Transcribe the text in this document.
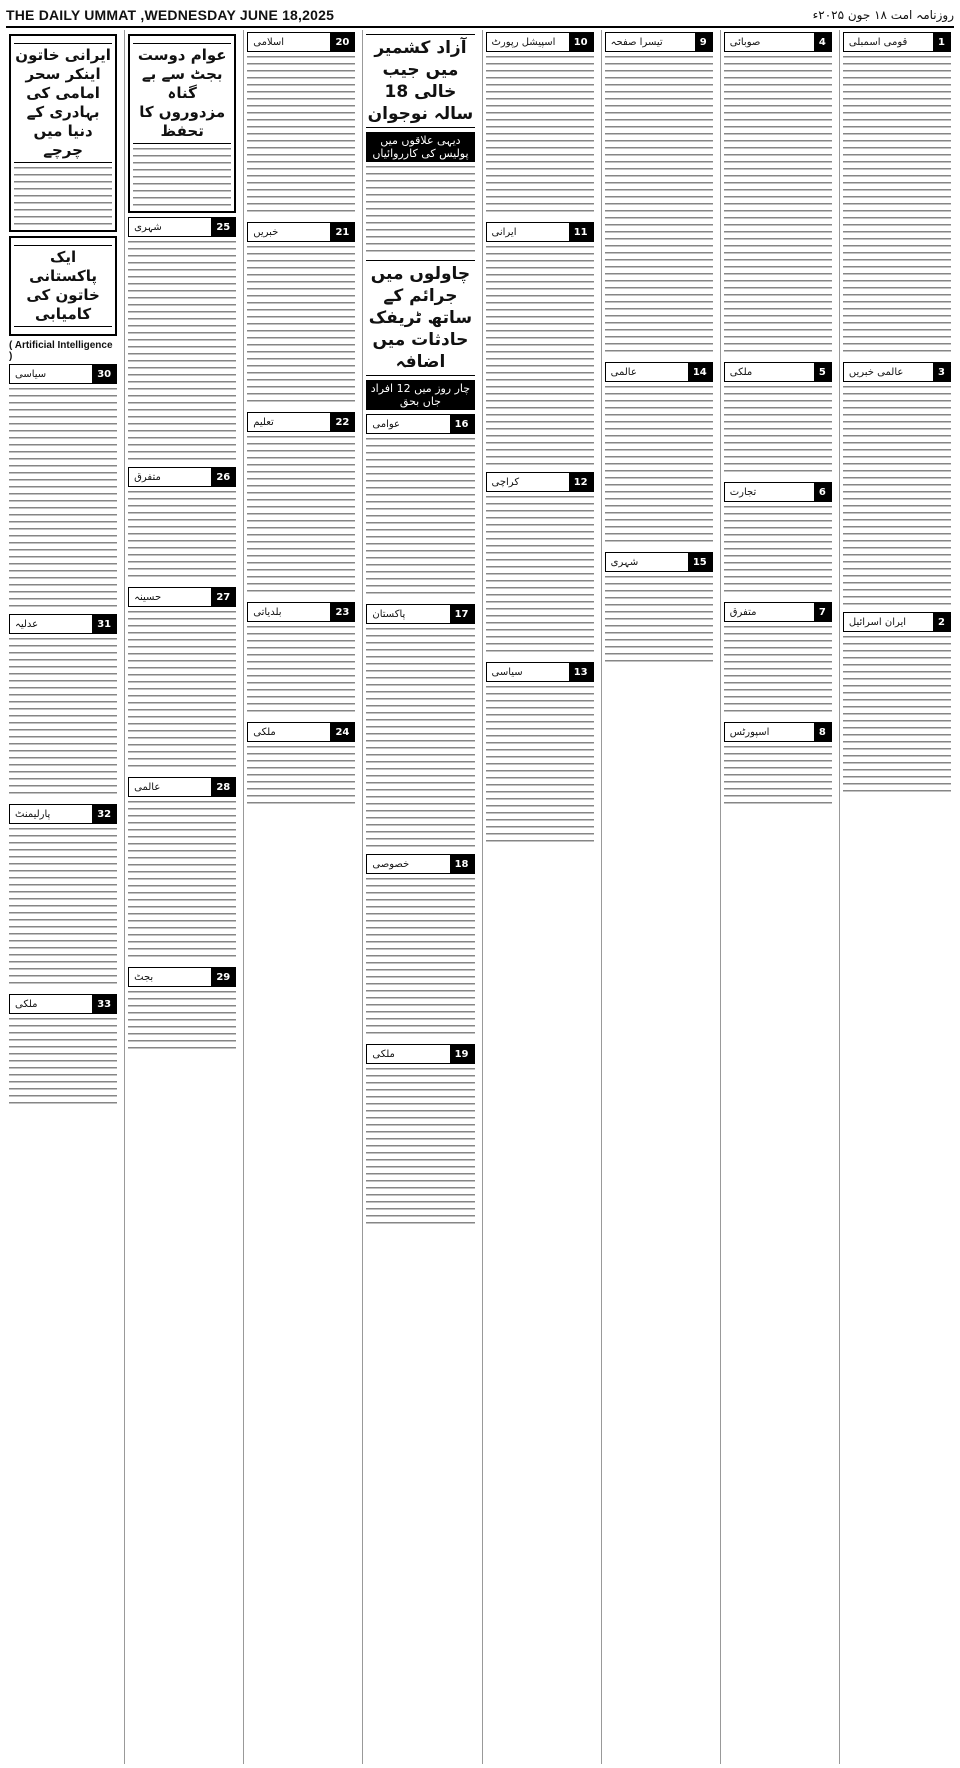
THE DAILY UMMAT ,WEDNESDAY JUNE 18,2025	روزنامہ امت ۱۸ جون ۲۰۲۵ء
1
قومی اسمبلی
3
عالمی خبریں
2
ایران اسرائیل
4
صوبائی
5
ملکی
6
تجارت
7
متفرق
8
اسپورٹس
9
تیسرا صفحہ
14
عالمی
15
شہری
10
اسپیشل رپورٹ
11
ایرانی
12
کراچی
13
سیاسی
آزاد کشمیر میں جیب خالی 18 سالہ نوجوان
دیہی علاقوں میں پولیس کی کارروائیاں
چاولوں میں جرائم کے ساتھ ٹریفک حادثات میں اضافہ
چار روز میں 12 افراد جاں بحق
16
عوامی
17
پاکستان
18
خصوصی
19
ملکی
20
اسلامی
21
خبریں
22
تعلیم
23
بلدیاتی
24
ملکی
عوام دوست بجٹ سے بے گناہ مزدوروں کا تحفظ
25
شہری
26
متفرق
27
حسینہ
28
عالمی
29
بجٹ
ایرانی خاتون اینکر سحر امامی کی بہادری کے دنیا میں چرچے
ایک پاکستانی خاتون کی کامیابی
( Artificial Intelligence )
30
سیاسی
31
عدلیہ
32
پارلیمنٹ
33
ملکی
